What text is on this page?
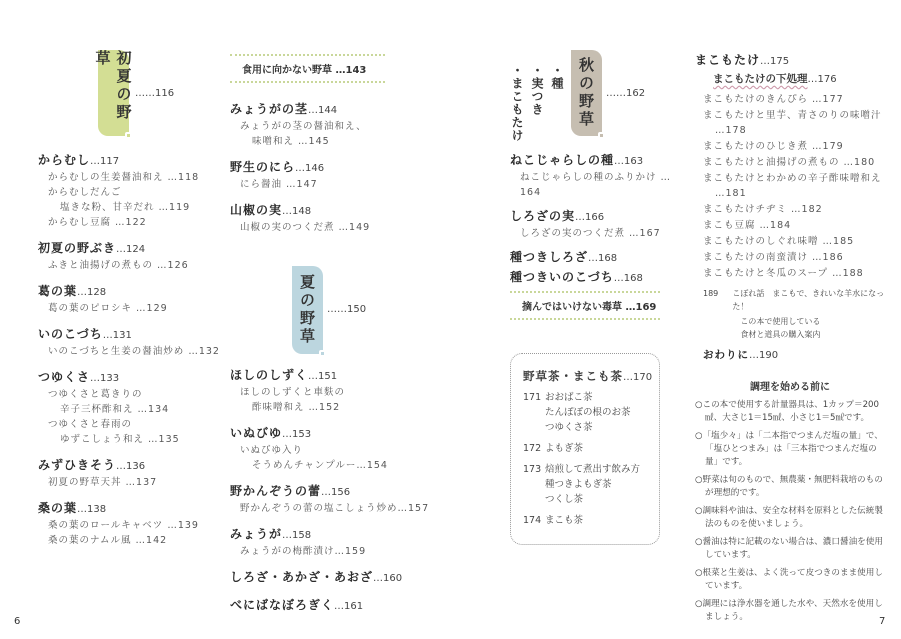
初夏の野草
……116
からむし…117
からむしの生姜醤油和え …118
からむしだんご
塩きな粉、甘辛だれ …119
からむし豆腐 …122
初夏の野ぶき…124
ふきと油揚げの煮もの …126
葛の葉…128
葛の葉のピロシキ …129
いのこづち…131
いのこづちと生姜の醤油炒め …132
つゆくさ…133
つゆくさと葛きりの
辛子三杯酢和え …134
つゆくさと春雨の
ゆずこしょう和え …135
みずひきそう…136
初夏の野草天丼 …137
桑の葉…138
桑の葉のロールキャベツ …139
桑の葉のナムル風 …142
食用に向かない野草 …143
みょうがの茎…144
みょうがの茎の醤油和え、
味噌和え …145
野生のにら…146
にら醤油 …147
山椒の実…148
山椒の実のつくだ煮 …149
夏の野草 ……150
ほしのしずく…151
ほしのしずくと車麩の
酢味噌和え …152
いぬびゆ…153
いぬびゆ入り
そうめんチャンプルー…154
野かんぞうの蕾…156
野かんぞうの蕾の塩こしょう炒め…157
みょうが…158
みょうがの梅酢漬け…159
しろざ・あかざ・あおざ…160
べにばなぼろぎく…161
6
・種
・実つき
・まこもたけ	秋の野草 ……162
ねこじゃらしの種…163
ねこじゃらしの種のふりかけ …164
しろざの実…166
しろざの実のつくだ煮 …167
種つきしろざ…168
種つきいのこづち…168
摘んではいけない毒草 …169
野草茶・まこも茶…170
171 おおばこ茶
たんぽぽの根のお茶
つゆくさ茶
172 よもぎ茶
173 焙煎して煮出す飲み方
種つきよもぎ茶
つくし茶
174 まこも茶
まこもたけ…175
まこもたけの下処理…176
まこもたけのきんぴら …177
まこもたけと里芋、青さのりの味噌汁
…178
まこもたけのひじき煮 …179
まこもたけと油揚げの煮もの …180
まこもたけとわかめの辛子酢味噌和え
…181
まこもたけチヂミ …182
まこも豆腐 …184
まこもたけのしぐれ味噌 …185
まこもたけの南蛮漬け …186
まこもたけと冬瓜のスープ …188
189	こぼれ話　まこもで、きれいな羊水になった！
この本で使用している
食材と道具の購入案内
おわりに…190
調理を始める前に
○この本で使用する計量器具は、1カップ＝200㎖、大さじ1＝15㎖、小さじ1＝5㎖です。
○「塩少々」は「二本指でつまんだ塩の量」で、「塩ひとつまみ」は「三本指でつまんだ塩の量」です。
○野菜は旬のもので、無農薬・無肥料栽培のものが理想的です。
○調味料や油は、安全な材料を原料とした伝統製法のものを使いましょう。
○醤油は特に記載のない場合は、濃口醤油を使用しています。
○根菜と生姜は、よく洗って皮つきのまま使用しています。
○調理には浄水器を通した水や、天然水を使用しましょう。	7
